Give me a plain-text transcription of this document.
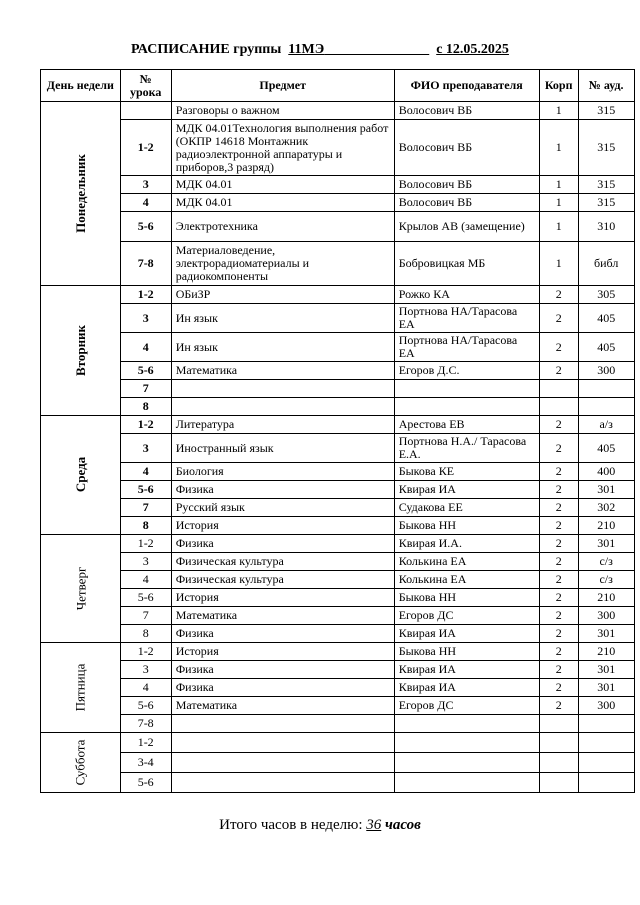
РАСПИСАНИЕ группы 11МЭ	с 12.05.2025
День недели	№ урока	Предмет	ФИО преподавателя	Корп	№ ауд.
Понедельник		Разговоры о важном	Волосович ВБ	1	315
	1-2	МДК 04.01Технология выполнения работ (ОКПР 14618 Монтажник радиоэлектронной аппаратуры и приборов,3 разряд)	Волосович ВБ	1	315
	3	МДК 04.01	Волосович ВБ	1	315
	4	МДК 04.01	Волосович ВБ	1	315
	5-6	Электротехника	Крылов АВ (замещение)	1	310
	7-8	Материаловедение, электрорадиоматериалы и радиокомпоненты	Бобровицкая МБ	1	библ
Вторник	1-2	ОБиЗР	Рожко КА	2	305
	3	Ин язык	Портнова НА/Тарасова ЕА	2	405
	4	Ин язык	Портнова НА/Тарасова ЕА	2	405
	5-6	Математика	Егоров Д.С.	2	300
	7				
	8				
Среда	1-2	Литература	Арестова ЕВ	2	а/з
	3	Иностранный язык	Портнова Н.А./ Тарасова Е.А.	2	405
	4	Биология	Быкова КЕ	2	400
	5-6	Физика	Квирая ИА	2	301
	7	Русский язык	Судакова ЕЕ	2	302
	8	История	Быкова НН	2	210
Четверг	1-2	Физика	Квирая И.А.	2	301
	3	Физическая культура	Колькина ЕА	2	с/з
	4	Физическая культура	Колькина ЕА	2	с/з
	5-6	История	Быкова НН	2	210
	7	Математика	Егоров ДС	2	300
	8	Физика	Квирая ИА	2	301
Пятница	1-2	История	Быкова НН	2	210
	3	Физика	Квирая ИА	2	301
	4	Физика	Квирая ИА	2	301
	5-6	Математика	Егоров ДС	2	300
	7-8				
Суббота	1-2				
	3-4				
	5-6				
Итого часов в неделю: 36 часов
